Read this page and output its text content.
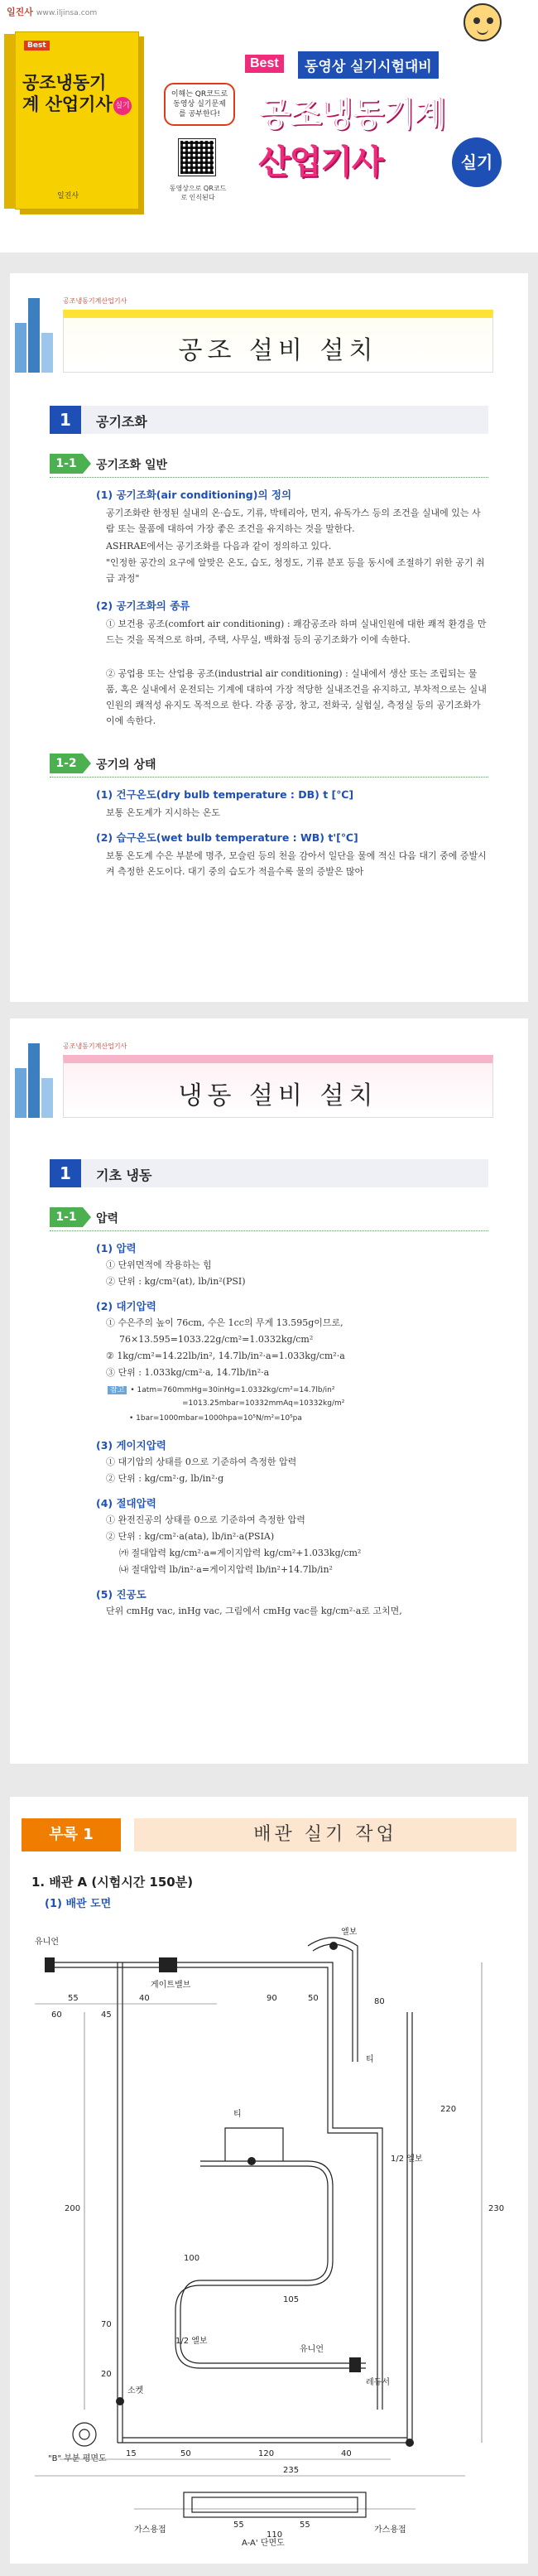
일진사 www.iljinsa.com
Best
공조냉동기계 산업기사 실기
일진사
이해는 QR코드로 동영상 실기문제 를 공부한다!
동영상으로 QR코드로 인식된다
Best	동영상 실기시험대비
공조냉동기계
산업기사	실기
공조냉동기계산업기사
공조 설비 설치
1	공기조화
1-1	공기조화 일반
(1) 공기조화(air conditioning)의 정의
공기조화란 한정된 실내의 온·습도, 기류, 박테리아, 먼지, 유독가스 등의 조건을 실내에 있는 사람 또는 물품에 대하여 가장 좋은 조건을 유지하는 것을 말한다.
ASHRAE에서는 공기조화를 다음과 같이 정의하고 있다.
"인정한 공간의 요구에 알맞은 온도, 습도, 청정도, 기류 분포 등을 동시에 조절하기 위한 공기 취급 과정"
(2) 공기조화의 종류
① 보건용 공조(comfort air conditioning) : 쾌감공조라 하며 실내인원에 대한 쾌적 환경을 만드는 것을 목적으로 하며, 주택, 사무실, 백화점 등의 공기조화가 이에 속한다.
② 공업용 또는 산업용 공조(industrial air conditioning) : 실내에서 생산 또는 조립되는 물품, 혹은 실내에서 운전되는 기계에 대하여 가장 적당한 실내조건을 유지하고, 부차적으로는 실내인원의 쾌적성 유지도 목적으로 한다. 각종 공장, 창고, 전화국, 실험실, 측정실 등의 공기조화가 이에 속한다.
1-2	공기의 상태
(1) 건구온도(dry bulb temperature : DB) t [℃]
보통 온도계가 지시하는 온도
(2) 습구온도(wet bulb temperature : WB) t'[℃]
보통 온도계 수은 부분에 명주, 모슬린 등의 천을 감아서 일단을 물에 적신 다음 대기 중에 증발시켜 측정한 온도이다. 대기 중의 습도가 적을수록 물의 증발은 많아
공조냉동기계산업기사
냉동 설비 설치
1	기초 냉동
1-1	압력
(1) 압력
① 단위면적에 작용하는 힘
② 단위 : kg/cm²(at), lb/in²(PSI)
(2) 대기압력
① 수은주의 높이 76cm, 수은 1cc의 무게 13.595g이므로,
76×13.595=1033.22g/cm²=1.0332kg/cm²
② 1kg/cm²=14.22lb/in², 14.7lb/in²·a=1.033kg/cm²·a
③ 단위 : 1.033kg/cm²·a, 14.7lb/in²·a
참고 • 1atm=760mmHg=30inHg=1.0332kg/cm²=14.7lb/in²
=1013.25mbar=10332mmAq=10332kg/m²
• 1bar=1000mbar=1000hpa=10⁵N/m²=10⁵pa
(3) 게이지압력
① 대기압의 상태를 0으로 기준하여 측정한 압력
② 단위 : kg/cm²·g, lb/in²·g
(4) 절대압력
① 완전진공의 상태를 0으로 기준하여 측정한 압력
② 단위 : kg/cm²·a(ata), lb/in²·a(PSIA)
㈎ 절대압력 kg/cm²·a=게이지압력 kg/cm²+1.033kg/cm²
㈏ 절대압력 lb/in²·a=게이지압력 lb/in²+14.7lb/in²
(5) 진공도
단위 cmHg vac, inHg vac, 그림에서 cmHg vac를 kg/cm²·a로 고치면,
부록 1	배관 실기 작업
1. 배관 A (시험시간 150분)
(1) 배관 도면
유니언
게이트밸브
엘보
티
티
소켓
유니언
1/2 엘보
1/2 엘보
레듀서
가스용접	가스용접
"B" 부분 평면도
A-A' 단면도
55
60	45
40	90	50	80
220
230
200
105
100
70
15	120	40
50
235
55	55
110
20
